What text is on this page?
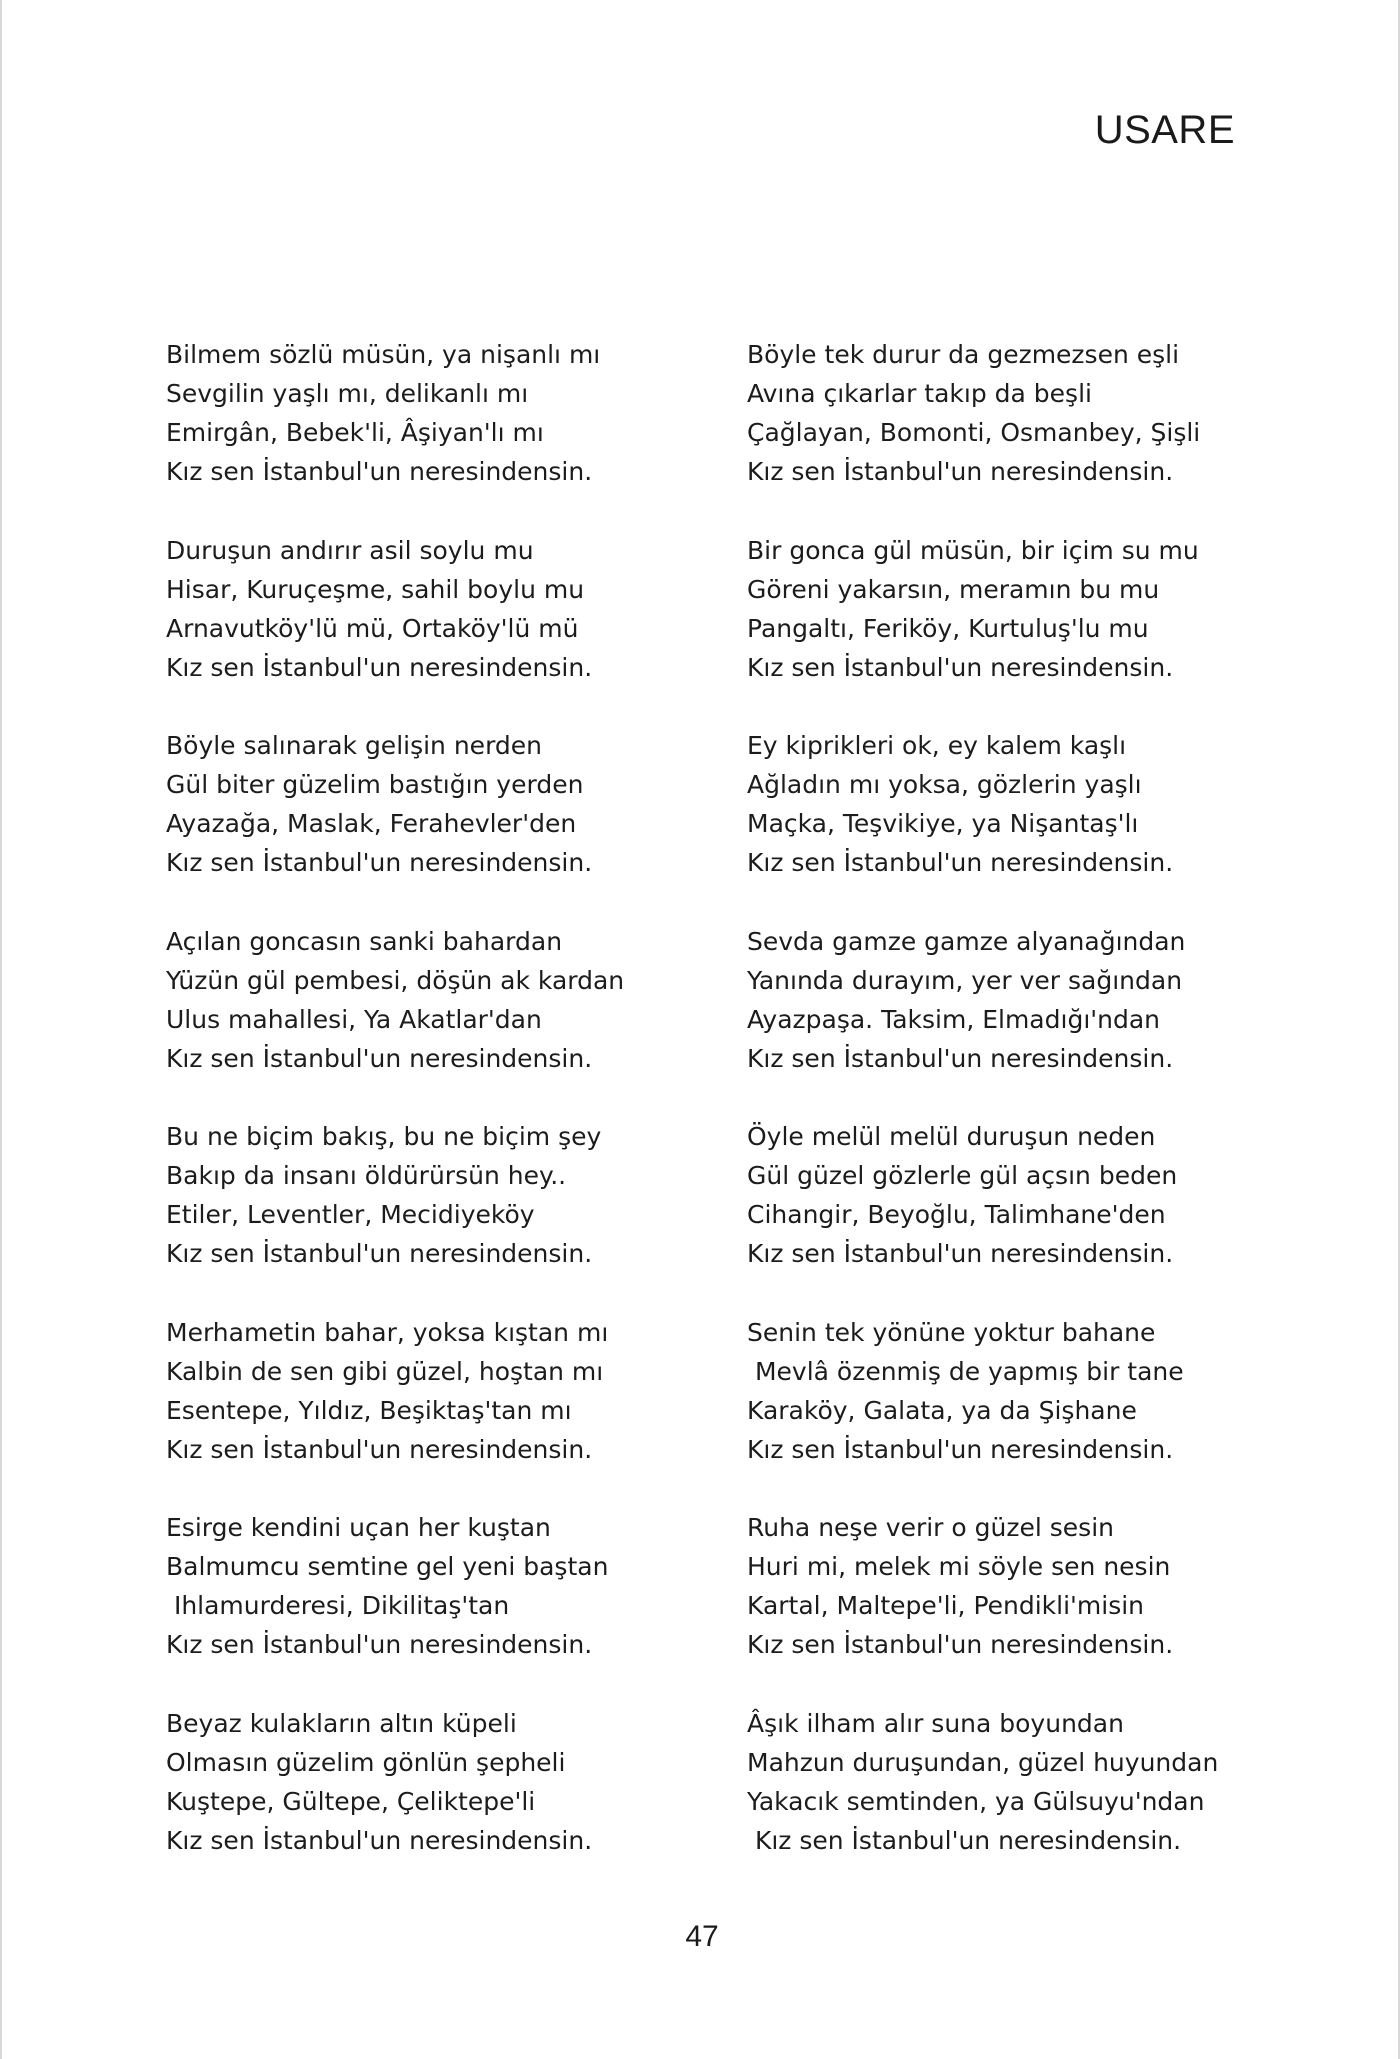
USARE
Bilmem sözlü müsün, ya nişanlı mı
Sevgilin yaşlı mı, delikanlı mı
Emirgân, Bebek'li, Âşiyan'lı mı
Kız sen İstanbul'un neresindensin.
Duruşun andırır asil soylu mu
Hisar, Kuruçeşme, sahil boylu mu
Arnavutköy'lü mü, Ortaköy'lü mü
Kız sen İstanbul'un neresindensin.
Böyle salınarak gelişin nerden
Gül biter güzelim bastığın yerden
Ayazağa, Maslak, Ferahevler'den
Kız sen İstanbul'un neresindensin.
Açılan goncasın sanki bahardan
Yüzün gül pembesi, döşün ak kardan
Ulus mahallesi, Ya Akatlar'dan
Kız sen İstanbul'un neresindensin.
Bu ne biçim bakış, bu ne biçim şey
Bakıp da insanı öldürürsün hey..
Etiler, Leventler, Mecidiyeköy
Kız sen İstanbul'un neresindensin.
Merhametin bahar, yoksa kıştan mı
Kalbin de sen gibi güzel, hoştan mı
Esentepe, Yıldız, Beşiktaş'tan mı
Kız sen İstanbul'un neresindensin.
Esirge kendini uçan her kuştan
Balmumcu semtine gel yeni baştan
Ihlamurderesi, Dikilitaş'tan
Kız sen İstanbul'un neresindensin.
Beyaz kulakların altın küpeli
Olmasın güzelim gönlün şepheli
Kuştepe, Gültepe, Çeliktepe'li
Kız sen İstanbul'un neresindensin.
Böyle tek durur da gezmezsen eşli
Avına çıkarlar takıp da beşli
Çağlayan, Bomonti, Osmanbey, Şişli
Kız sen İstanbul'un neresindensin.
Bir gonca gül müsün, bir içim su mu
Göreni yakarsın, meramın bu mu
Pangaltı, Feriköy, Kurtuluş'lu mu
Kız sen İstanbul'un neresindensin.
Ey kiprikleri ok, ey kalem kaşlı
Ağladın mı yoksa, gözlerin yaşlı
Maçka, Teşvikiye, ya Nişantaş'lı
Kız sen İstanbul'un neresindensin.
Sevda gamze gamze alyanağından
Yanında durayım, yer ver sağından
Ayazpaşa. Taksim, Elmadığı'ndan
Kız sen İstanbul'un neresindensin.
Öyle melül melül duruşun neden
Gül güzel gözlerle gül açsın beden
Cihangir, Beyoğlu, Talimhane'den
Kız sen İstanbul'un neresindensin.
Senin tek yönüne yoktur bahane
Mevlâ özenmiş de yapmış bir tane
Karaköy, Galata, ya da Şişhane
Kız sen İstanbul'un neresindensin.
Ruha neşe verir o güzel sesin
Huri mi, melek mi söyle sen nesin
Kartal, Maltepe'li, Pendikli'misin
Kız sen İstanbul'un neresindensin.
Âşık ilham alır suna boyundan
Mahzun duruşundan, güzel huyundan
Yakacık semtinden, ya Gülsuyu'ndan
Kız sen İstanbul'un neresindensin.
47
